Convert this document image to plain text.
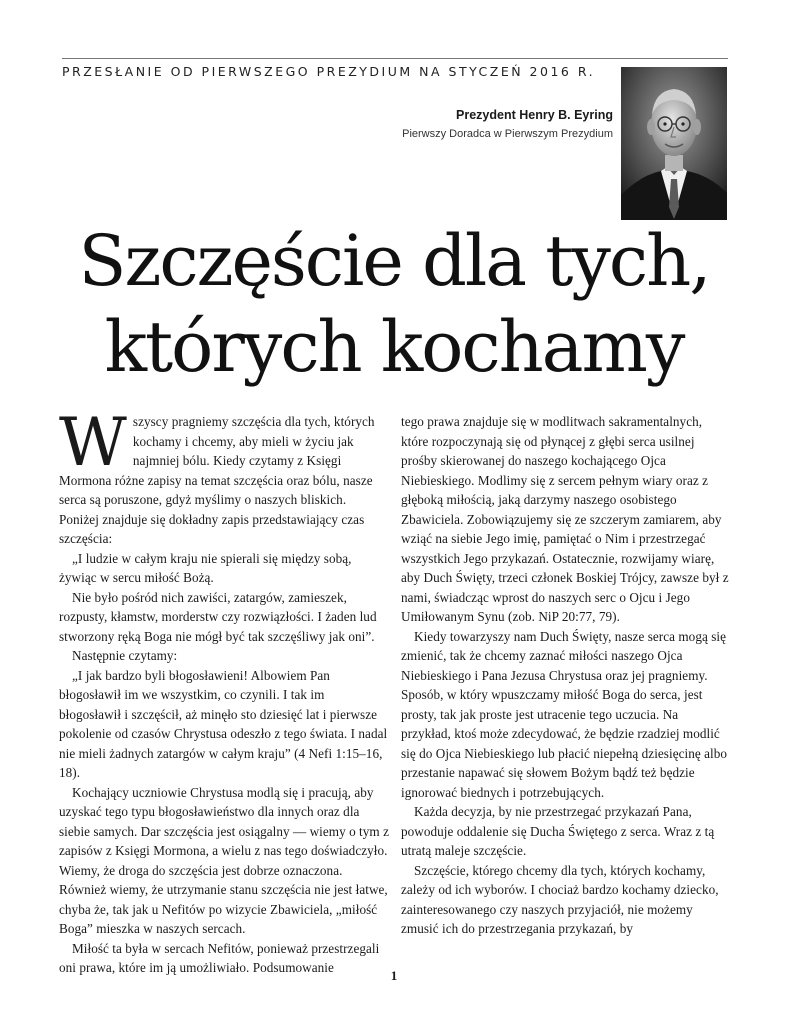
PRZESŁANIE OD PIERWSZEGO PREZYDIUM NA STYCZEŃ 2016 R.
Prezydent Henry B. Eyring
Pierwszy Doradca w Pierwszym Prezydium
Szczęście dla tych,
których kochamy

Wszyscy pragniemy szczęścia dla tych, których kochamy i chcemy, aby mieli w życiu jak najmniej bólu. Kiedy czytamy z Księgi Mormona różne zapisy na temat szczęścia oraz bólu, nasze serca są poruszone, gdyż myślimy o naszych bliskich. Poniżej znajduje się dokładny zapis przedstawiający czas szczęścia:

„I ludzie w całym kraju nie spierali się między sobą, żywiąc w sercu miłość Bożą.

Nie było pośród nich zawiści, zatargów, zamieszek, rozpusty, kłamstw, morderstw czy rozwiązłości. I żaden lud stworzony ręką Boga nie mógł być tak szczęśliwy jak oni”.

Następnie czytamy:

„I jak bardzo byli błogosławieni! Albowiem Pan błogosławił im we wszystkim, co czynili. I tak im błogosławił i szczęścił, aż minęło sto dziesięć lat i pierwsze pokolenie od czasów Chrystusa odeszło z tego świata. I nadal nie mieli żadnych zatargów w całym kraju” (4 Nefi 1:15–16, 18).

Kochający uczniowie Chrystusa modlą się i pracują, aby uzyskać tego typu błogosławieństwo dla innych oraz dla siebie samych. Dar szczęścia jest osiągalny — wiemy o tym z zapisów z Księgi Mormona, a wielu z nas tego doświadczyło. Wiemy, że droga do szczęścia jest dobrze oznaczona. Również wiemy, że utrzymanie stanu szczęścia nie jest łatwe, chyba że, tak jak u Nefitów po wizycie Zbawiciela, „miłość Boga” mieszka w naszych sercach.

Miłość ta była w sercach Nefitów, ponieważ przestrzegali oni prawa, które im ją umożliwiało. Podsumowanie

tego prawa znajduje się w modlitwach sakramentalnych, które rozpoczynają się od płynącej z głębi serca usilnej prośby skierowanej do naszego kochającego Ojca Niebieskiego. Modlimy się z sercem pełnym wiary oraz z głęboką miłością, jaką darzymy naszego osobistego Zbawiciela. Zobowiązujemy się ze szczerym zamiarem, aby wziąć na siebie Jego imię, pamiętać o Nim i przestrzegać wszystkich Jego przykazań. Ostatecznie, rozwijamy wiarę, aby Duch Święty, trzeci członek Boskiej Trójcy, zawsze był z nami, świadcząc wprost do naszych serc o Ojcu i Jego Umiłowanym Synu (zob. NiP 20:77, 79).

Kiedy towarzyszy nam Duch Święty, nasze serca mogą się zmienić, tak że chcemy zaznać miłości naszego Ojca Niebieskiego i Pana Jezusa Chrystusa oraz jej pragniemy. Sposób, w który wpuszczamy miłość Boga do serca, jest prosty, tak jak proste jest utracenie tego uczucia. Na przykład, ktoś może zdecydować, że będzie rzadziej modlić się do Ojca Niebieskiego lub płacić niepełną dziesięcinę albo przestanie napawać się słowem Bożym bądź też będzie ignorować biednych i potrzebujących.

Każda decyzja, by nie przestrzegać przykazań Pana, powoduje oddalenie się Ducha Świętego z serca. Wraz z tą utratą maleje szczęście.

Szczęście, którego chcemy dla tych, których kochamy, zależy od ich wyborów. I chociaż bardzo kochamy dziecko, zainteresowanego czy naszych przyjaciół, nie możemy zmusić ich do przestrzegania przykazań, by

1
